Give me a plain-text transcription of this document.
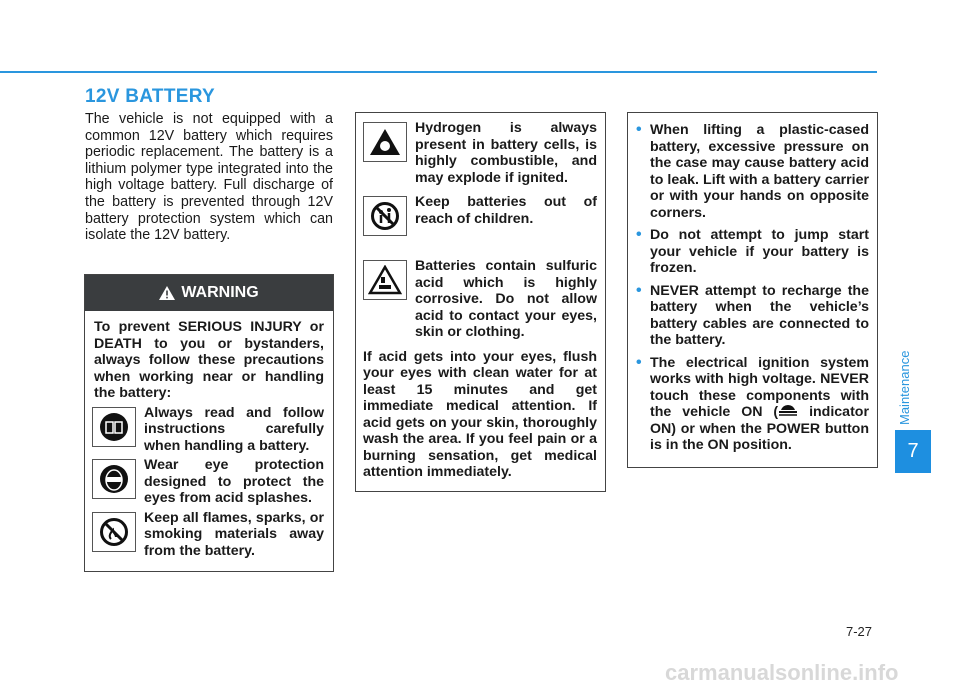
12V BATTERY
The vehicle is not equipped with a common 12V battery which requires periodic replacement. The battery is a lithium polymer type integrated into the high voltage battery. Full discharge of the battery is prevented through 12V battery protection system which can isolate the 12V battery.
WARNING
To prevent SERIOUS INJURY or DEATH to you or bystanders, always follow these precautions when working near or handling the battery:
Always read and follow instructions carefully when handling a battery.
Wear eye protection designed to protect the eyes from acid splashes.
Keep all flames, sparks, or smoking materials away from the battery.
Hydrogen is always present in battery cells, is highly combustible, and may explode if ignited.
Keep batteries out of reach of children.
Batteries contain sulfuric acid which is highly corrosive. Do not allow acid to contact your eyes, skin or clothing.
If acid gets into your eyes, flush your eyes with clean water for at least 15 minutes and get immediate medical attention. If acid gets on your skin, thoroughly wash the area. If you feel pain or a burning sensation, get medical attention immediately.
• When lifting a plastic-cased battery, excessive pressure on the case may cause battery acid to leak. Lift with a battery carrier or with your hands on opposite corners.
• Do not attempt to jump start your vehicle if your battery is frozen.
• NEVER attempt to recharge the battery when the vehicle’s battery cables are connected to the battery.
• The electrical ignition system works with high voltage. NEVER touch these components with the vehicle ON ( indicator ON) or when the POWER button is in the ON position.
Maintenance
7
7-27
carmanualsonline.info
